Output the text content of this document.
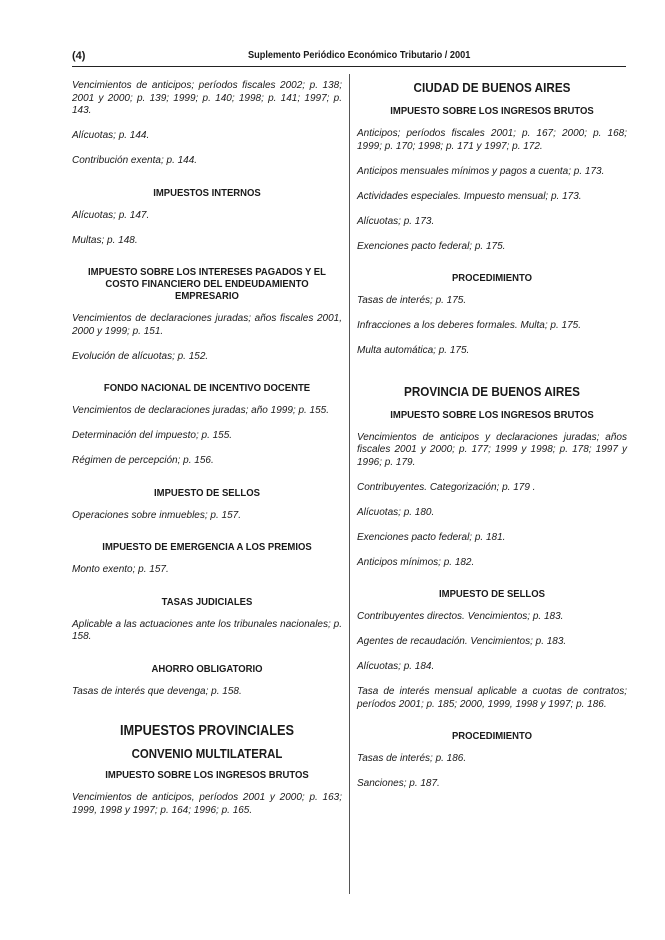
(4)	Suplemento Periódico Económico Tributario / 2001

Vencimientos de anticipos; períodos fiscales 2002; p. 138; 2001 y 2000; p. 139; 1999; p. 140; 1998; p. 141; 1997; p. 143.

Alícuotas; p. 144.

Contribución exenta; p. 144.

IMPUESTOS INTERNOS

Alícuotas; p. 147.

Multas; p. 148.

IMPUESTO SOBRE LOS INTERESES PAGADOS Y EL COSTO FINANCIERO DEL ENDEUDAMIENTO EMPRESARIO

Vencimientos de declaraciones juradas; años fiscales 2001, 2000 y 1999; p. 151.

Evolución de alícuotas; p. 152.

FONDO NACIONAL DE INCENTIVO DOCENTE

Vencimientos de declaraciones juradas; año 1999; p. 155.

Determinación del impuesto; p. 155.

Régimen de percepción; p. 156.

IMPUESTO DE SELLOS

Operaciones sobre inmuebles; p. 157.

IMPUESTO DE EMERGENCIA A LOS PREMIOS

Monto exento; p. 157.

TASAS JUDICIALES

Aplicable a las actuaciones ante los tribunales nacionales; p. 158.

AHORRO OBLIGATORIO

Tasas de interés que devenga; p. 158.

IMPUESTOS PROVINCIALES
CONVENIO MULTILATERAL
IMPUESTO SOBRE LOS INGRESOS BRUTOS

Vencimientos de anticipos, períodos 2001 y 2000; p. 163; 1999, 1998 y 1997; p. 164; 1996; p. 165.

CIUDAD DE BUENOS AIRES
IMPUESTO SOBRE LOS INGRESOS BRUTOS

Anticipos; períodos fiscales 2001; p. 167; 2000; p. 168; 1999; p. 170; 1998; p. 171 y 1997; p. 172.

Anticipos mensuales mínimos y pagos a cuenta; p. 173.

Actividades especiales. Impuesto mensual; p. 173.

Alícuotas; p. 173.

Exenciones pacto federal; p. 175.

PROCEDIMIENTO

Tasas de interés; p. 175.

Infracciones a los deberes formales. Multa; p. 175.

Multa automática; p. 175.

PROVINCIA DE BUENOS AIRES
IMPUESTO SOBRE LOS INGRESOS BRUTOS

Vencimientos de anticipos y declaraciones juradas; años fiscales 2001 y 2000; p. 177; 1999 y 1998; p. 178; 1997 y 1996; p. 179.

Contribuyentes. Categorización; p. 179 .

Alícuotas; p. 180.

Exenciones pacto federal; p. 181.

Anticipos mínimos; p. 182.

IMPUESTO DE SELLOS

Contribuyentes directos. Vencimientos; p. 183.

Agentes de recaudación. Vencimientos; p. 183.

Alícuotas; p. 184.

Tasa de interés mensual aplicable a cuotas de contratos; períodos 2001; p. 185; 2000, 1999, 1998 y 1997; p. 186.

PROCEDIMIENTO

Tasas de interés; p. 186.

Sanciones; p. 187.
